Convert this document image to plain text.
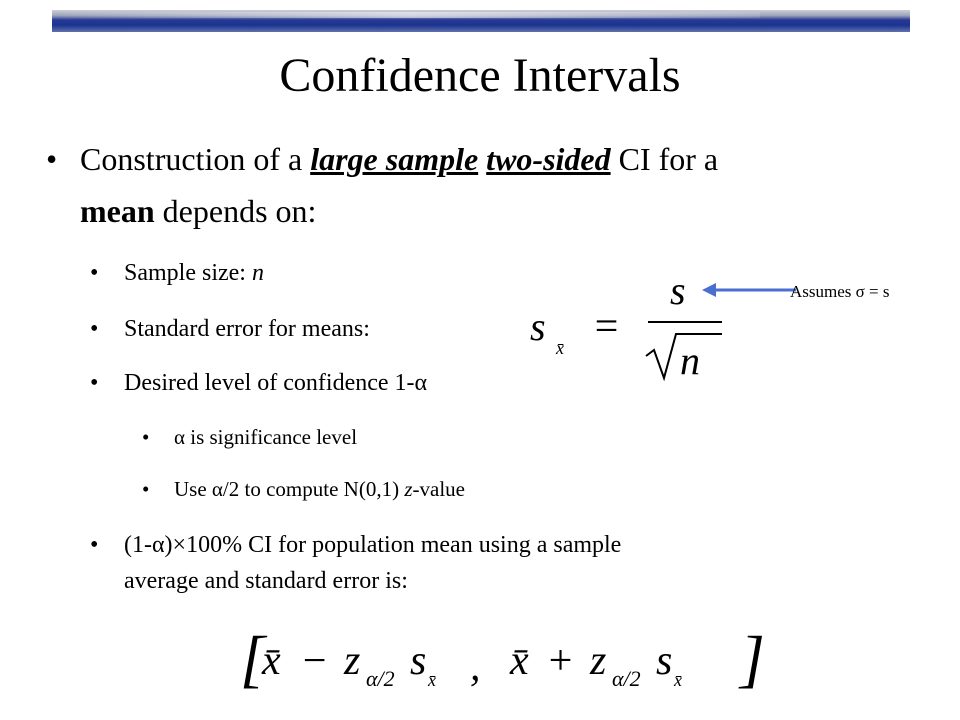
Confidence Intervals
• Construction of a large sample two-sided CI for a
mean depends on:
• Sample size: n
• Standard error for means:
• Desired level of confidence 1-α
• α is significance level
• Use α/2 to compute N(0,1) z-value
• (1-α)×100% CI for population mean using a sample
average and standard error is:
s x̄ =
s
n
Assumes σ = s
[
x̄ − z α/2 s x̄ , x̄ + z α/2 s x̄ ]
